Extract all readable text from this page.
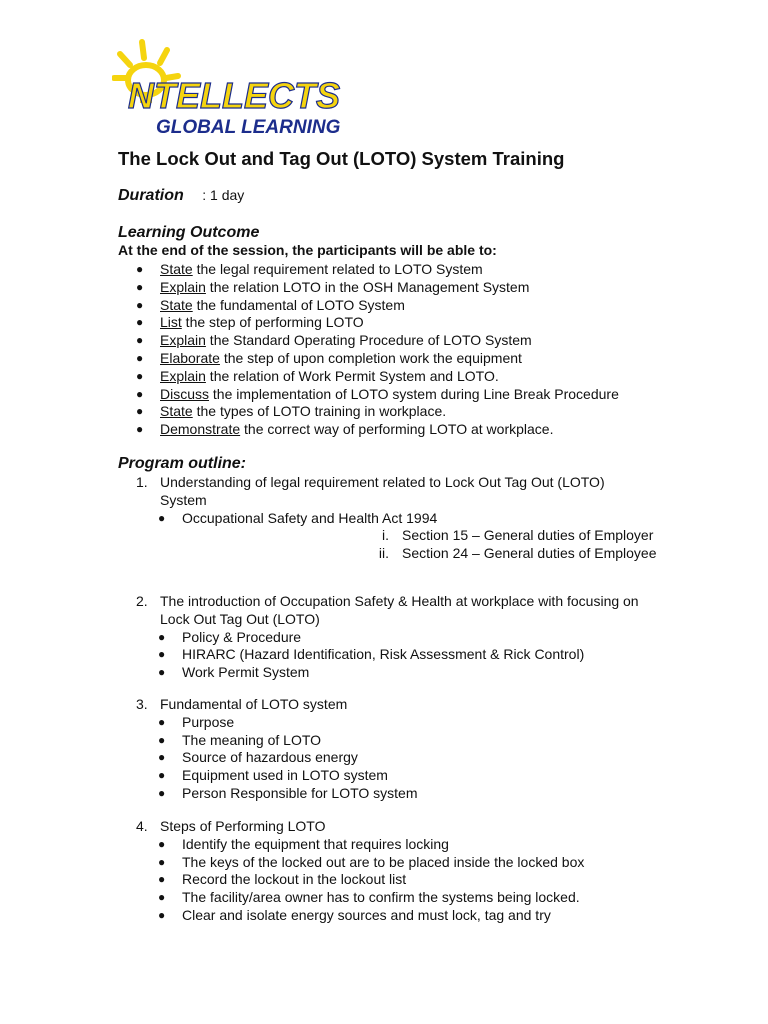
NTELLECTS
GLOBAL LEARNING
The Lock Out and Tag Out (LOTO) System Training
Duration : 1 day
Learning Outcome

At the end of the session, the participants will be able to:

● State the legal requirement related to LOTO System
● Explain the relation LOTO in the OSH Management System
● State the fundamental of LOTO System
● List the step of performing LOTO
● Explain the Standard Operating Procedure of LOTO System
● Elaborate the step of upon completion work the equipment
● Explain the relation of Work Permit System and LOTO.
● Discuss the implementation of LOTO system during Line Break Procedure
● State the types of LOTO training in workplace.
● Demonstrate the correct way of performing LOTO at workplace.
Program outline:
1. Understanding of legal requirement related to Lock Out Tag Out (LOTO)
System
● Occupational Safety and Health Act 1994
i. Section 15 – General duties of Employer
ii. Section 24 – General duties of Employee
2. The introduction of Occupation Safety & Health at workplace with focusing on
Lock Out Tag Out (LOTO)
● Policy & Procedure
● HIRARC (Hazard Identification, Risk Assessment & Rick Control)
● Work Permit System
3. Fundamental of LOTO system
● Purpose
● The meaning of LOTO
● Source of hazardous energy
● Equipment used in LOTO system
● Person Responsible for LOTO system
4. Steps of Performing LOTO
● Identify the equipment that requires locking
● The keys of the locked out are to be placed inside the locked box
● Record the lockout in the lockout list
● The facility/area owner has to confirm the systems being locked.
● Clear and isolate energy sources and must lock, tag and try
